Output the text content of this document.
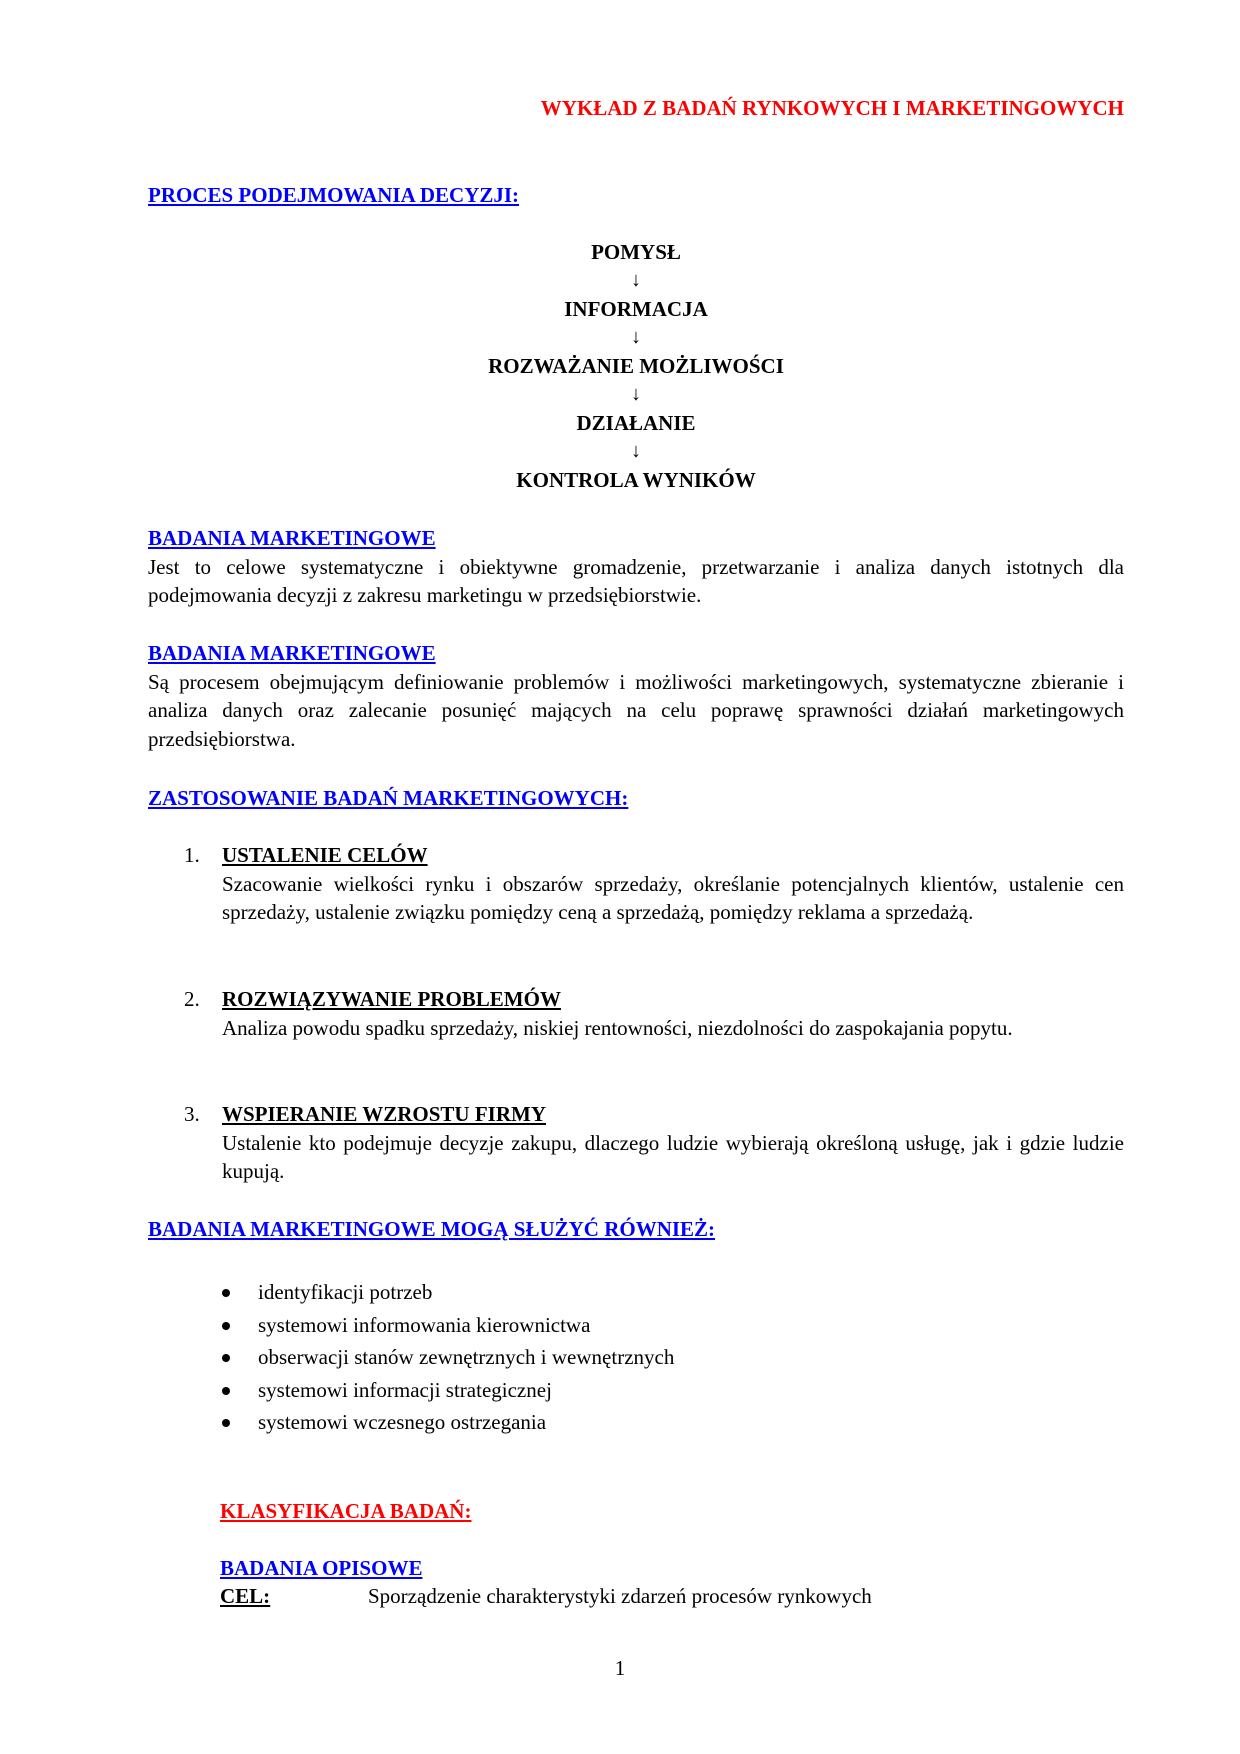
WYKŁAD Z BADAŃ RYNKOWYCH I MARKETINGOWYCH
PROCES PODEJMOWANIA DECYZJI:
POMYSŁ
↓
INFORMACJA
↓
ROZWAŻANIE MOŻLIWOŚCI
↓
DZIAŁANIE
↓
KONTROLA WYNIKÓW
BADANIA MARKETINGOWE
Jest to celowe systematyczne i obiektywne gromadzenie, przetwarzanie i analiza danych istotnych dla podejmowania decyzji z zakresu marketingu w przedsiębiorstwie.
BADANIA MARKETINGOWE
Są procesem obejmującym definiowanie problemów i możliwości marketingowych, systematyczne zbieranie i analiza danych oraz zalecanie posunięć mających na celu poprawę sprawności działań marketingowych przedsiębiorstwa.
ZASTOSOWANIE BADAŃ MARKETINGOWYCH:
1. USTALENIE CELÓW
Szacowanie wielkości rynku i obszarów sprzedaży, określanie potencjalnych klientów, ustalenie cen sprzedaży, ustalenie związku pomiędzy ceną a sprzedażą, pomiędzy reklama a sprzedażą.
2. ROZWIĄZYWANIE PROBLEMÓW
Analiza powodu spadku sprzedaży, niskiej rentowności, niezdolności do zaspokajania popytu.
3. WSPIERANIE WZROSTU FIRMY
Ustalenie kto podejmuje decyzje zakupu, dlaczego ludzie wybierają określoną usługę, jak i gdzie ludzie kupują.
BADANIA MARKETINGOWE MOGĄ SŁUŻYĆ RÓWNIEŻ:
identyfikacji potrzeb
systemowi informowania kierownictwa
obserwacji stanów zewnętrznych i wewnętrznych
systemowi informacji strategicznej
systemowi wczesnego ostrzegania
KLASYFIKACJA BADAŃ:
BADANIA OPISOWE
CEL:	Sporządzenie charakterystyki zdarzeń procesów rynkowych
1
